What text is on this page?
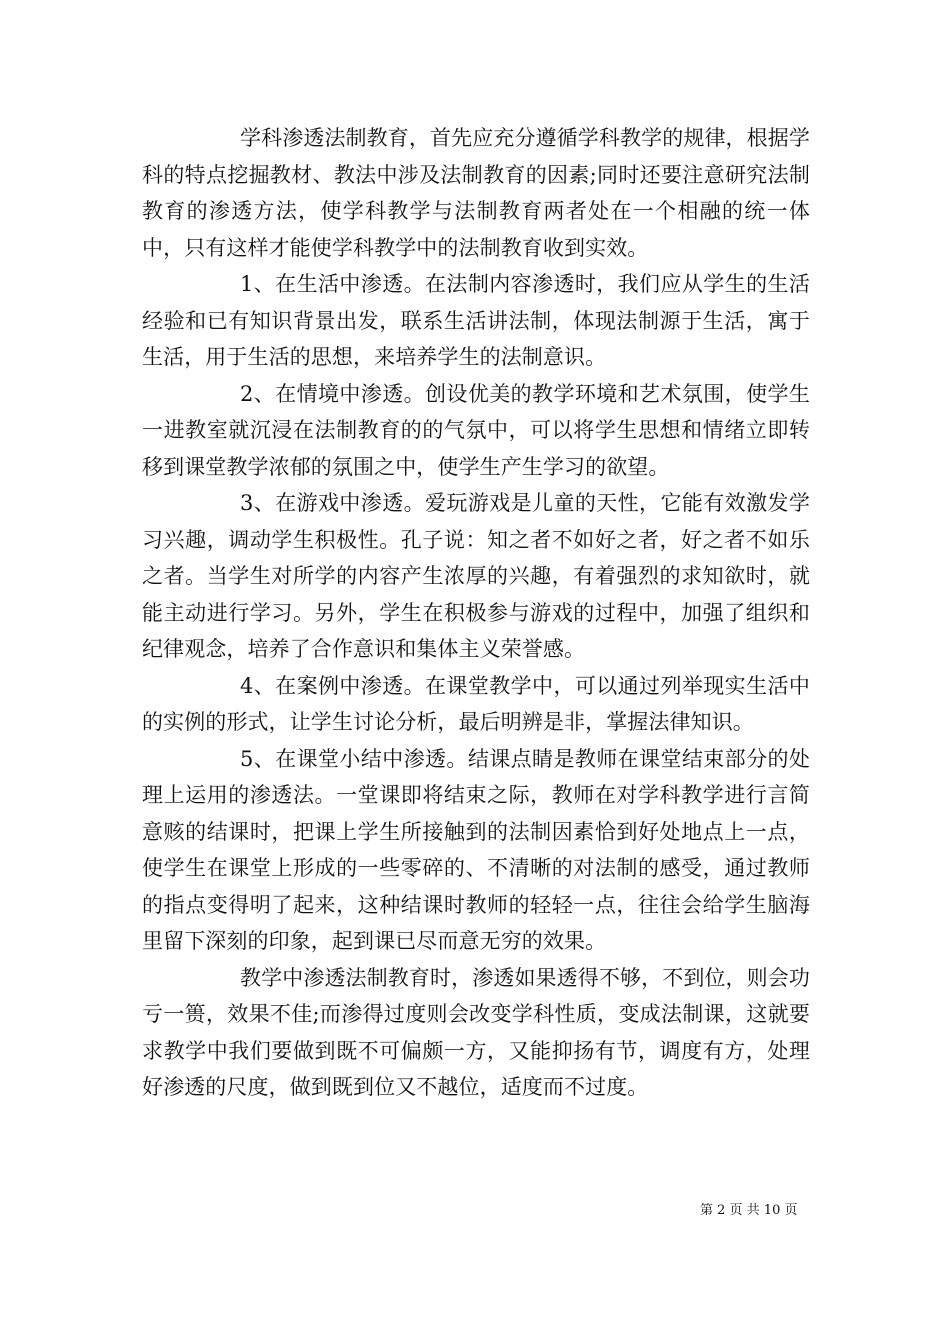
学科渗透法制教育，首先应充分遵循学科教学的规律，根据学科的特点挖掘教材、教法中涉及法制教育的因素;同时还要注意研究法制教育的渗透方法，使学科教学与法制教育两者处在一个相融的统一体中，只有这样才能使学科教学中的法制教育收到实效。

1、在生活中渗透。在法制内容渗透时，我们应从学生的生活经验和已有知识背景出发，联系生活讲法制，体现法制源于生活，寓于生活，用于生活的思想，来培养学生的法制意识。

2、在情境中渗透。创设优美的教学环境和艺术氛围，使学生一进教室就沉浸在法制教育的的气氛中，可以将学生思想和情绪立即转移到课堂教学浓郁的氛围之中，使学生产生学习的欲望。

3、在游戏中渗透。爱玩游戏是儿童的天性，它能有效激发学习兴趣，调动学生积极性。孔子说：知之者不如好之者，好之者不如乐之者。当学生对所学的内容产生浓厚的兴趣，有着强烈的求知欲时，就能主动进行学习。另外，学生在积极参与游戏的过程中，加强了组织和纪律观念，培养了合作意识和集体主义荣誉感。

4、在案例中渗透。在课堂教学中，可以通过列举现实生活中的实例的形式，让学生讨论分析，最后明辨是非，掌握法律知识。

5、在课堂小结中渗透。结课点睛是教师在课堂结束部分的处理上运用的渗透法。一堂课即将结束之际，教师在对学科教学进行言简意赅的结课时，把课上学生所接触到的法制因素恰到好处地点上一点，使学生在课堂上形成的一些零碎的、不清晰的对法制的感受，通过教师的指点变得明了起来，这种结课时教师的轻轻一点，往往会给学生脑海里留下深刻的印象，起到课已尽而意无穷的效果。

教学中渗透法制教育时，渗透如果透得不够，不到位，则会功亏一篑，效果不佳;而渗得过度则会改变学科性质，变成法制课，这就要求教学中我们要做到既不可偏颇一方，又能抑扬有节，调度有方，处理好渗透的尺度，做到既到位又不越位，适度而不过度。

第 2 页 共 10 页
